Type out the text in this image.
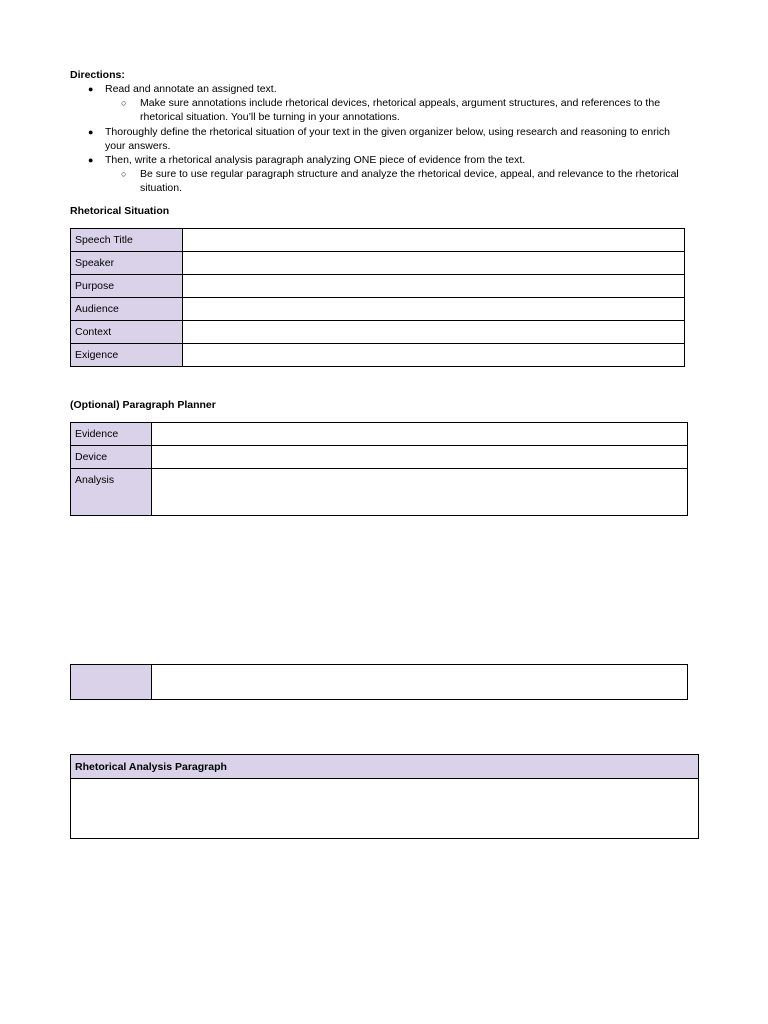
Directions:
● Read and annotate an assigned text.
○ Make sure annotations include rhetorical devices, rhetorical appeals, argument structures, and references to the
rhetorical situation. You’ll be turning in your annotations.
● Thoroughly define the rhetorical situation of your text in the given organizer below, using research and reasoning to enrich
your answers.
● Then, write a rhetorical analysis paragraph analyzing ONE piece of evidence from the text.
○ Be sure to use regular paragraph structure and analyze the rhetorical device, appeal, and relevance to the rhetorical
situation.
Rhetorical Situation
Speech Title	
Speaker	
Purpose	
Audience	
Context	
Exigence	
(Optional) Paragraph Planner
Evidence	
Device	
Analysis	

Rhetorical Analysis Paragraph
